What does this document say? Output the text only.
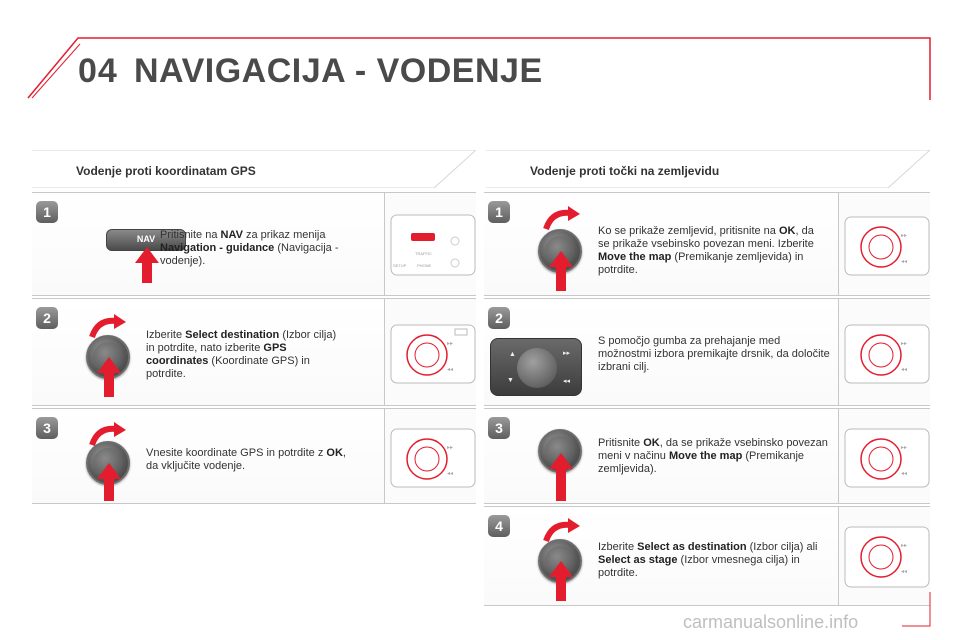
04 NAVIGACIJA - VODENJE
Vodenje proti koordinatam GPS	Vodenje proti točki na zemljevidu
1
NAV Pritisnite na NAV za prikaz menija Navigation - guidance (Navigacija - vodenje).
TRAFFIC
PHONE
SETUP
2
Izberite Select destination (Izbor cilja) in potrdite, nato izberite GPS coordinates (Koordinate GPS) in potrdite.
▸▸
◂◂
3
Vnesite koordinate GPS in potrdite z OK, da vključite vodenje.
▸▸
◂◂
1
Ko se prikaže zemljevid, pritisnite na OK, da se prikaže vsebinsko povezan meni. Izberite Move the map (Premikanje zemljevida) in potrdite.
▸▸
◂◂
2
S pomočjo gumba za prehajanje med možnostmi izbora premikajte drsnik, da določite izbrani cilj.
▸▸
◂◂
▲	▸▸
▼	◂◂
3
Pritisnite OK, da se prikaže vsebinsko povezan meni v načinu Move the map (Premikanje zemljevida).
▸▸
◂◂
4
Izberite Select as destination (Izbor cilja) ali Select as stage (Izbor vmesnega cilja) in potrdite.
▸▸
◂◂
carmanualsonline.info
